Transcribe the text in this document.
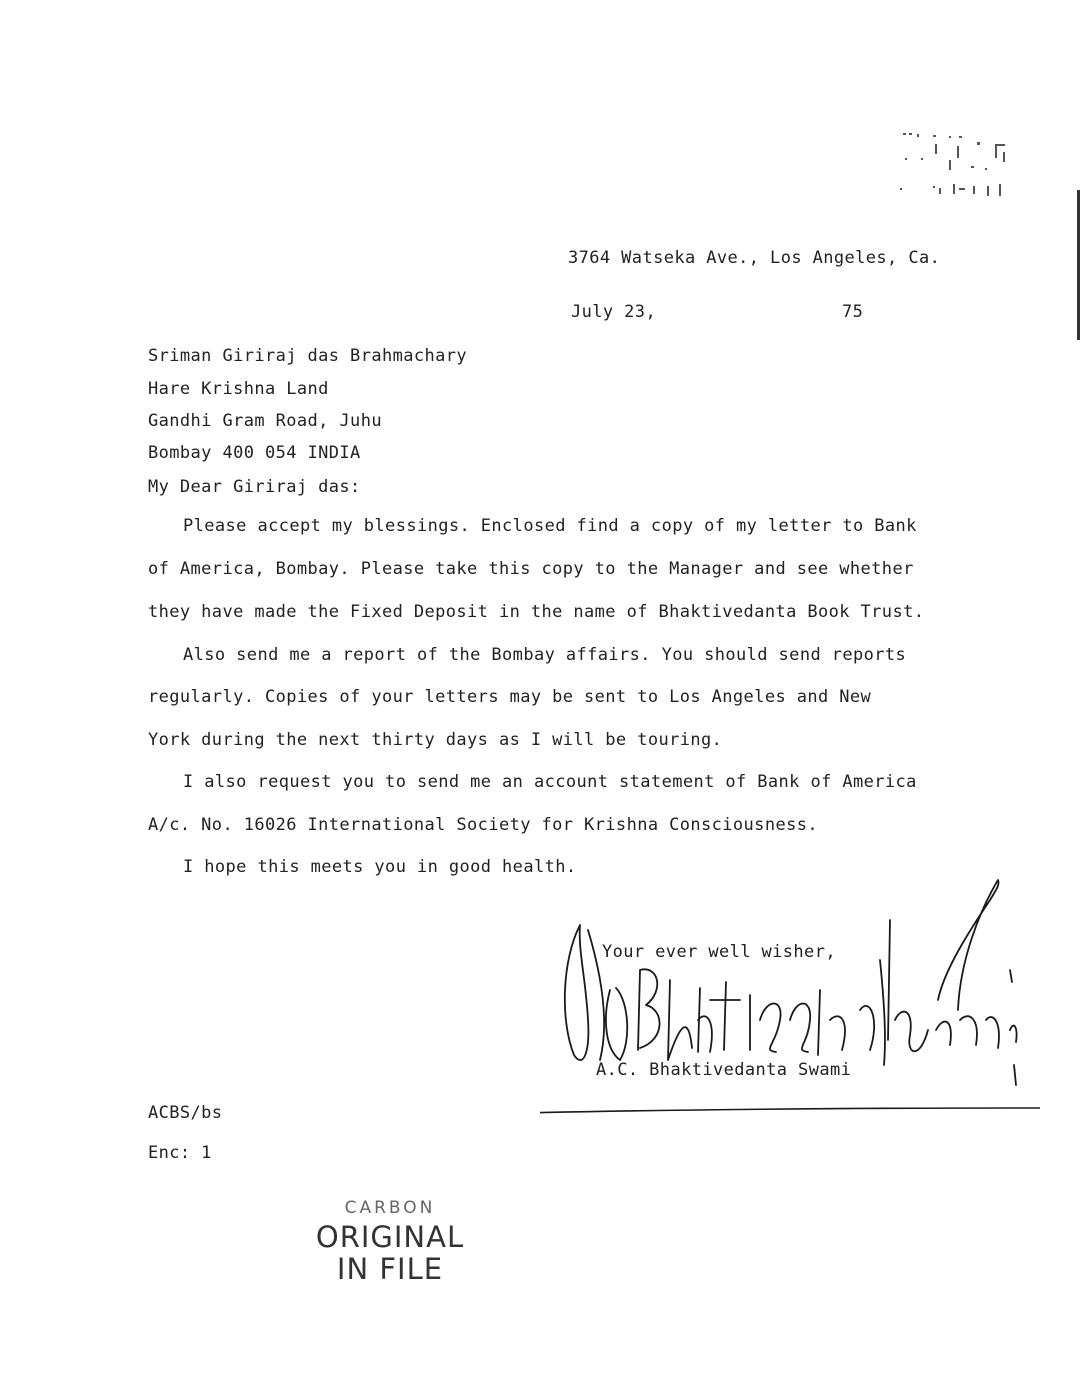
3764 Watseka Ave., Los Angeles, Ca.
July 23,	75
Sriman Giriraj das Brahmachary
Hare Krishna Land
Gandhi Gram Road, Juhu
Bombay 400 054 INDIA
My Dear Giriraj das:
Please accept my blessings. Enclosed find a copy of my letter to Bank
of America, Bombay. Please take this copy to the Manager and see whether
they have made the Fixed Deposit in the name of Bhaktivedanta Book Trust.
Also send me a report of the Bombay affairs. You should send reports
regularly. Copies of your letters may be sent to Los Angeles and New
York during the next thirty days as I will be touring.
I also request you to send me an account statement of Bank of America
A/c. No. 16026 International Society for Krishna Consciousness.
I hope this meets you in good health.
Your ever well wisher,
A.C. Bhaktivedanta Swami
ACBS/bs
Enc: 1
CARBON
ORIGINAL
IN FILE
